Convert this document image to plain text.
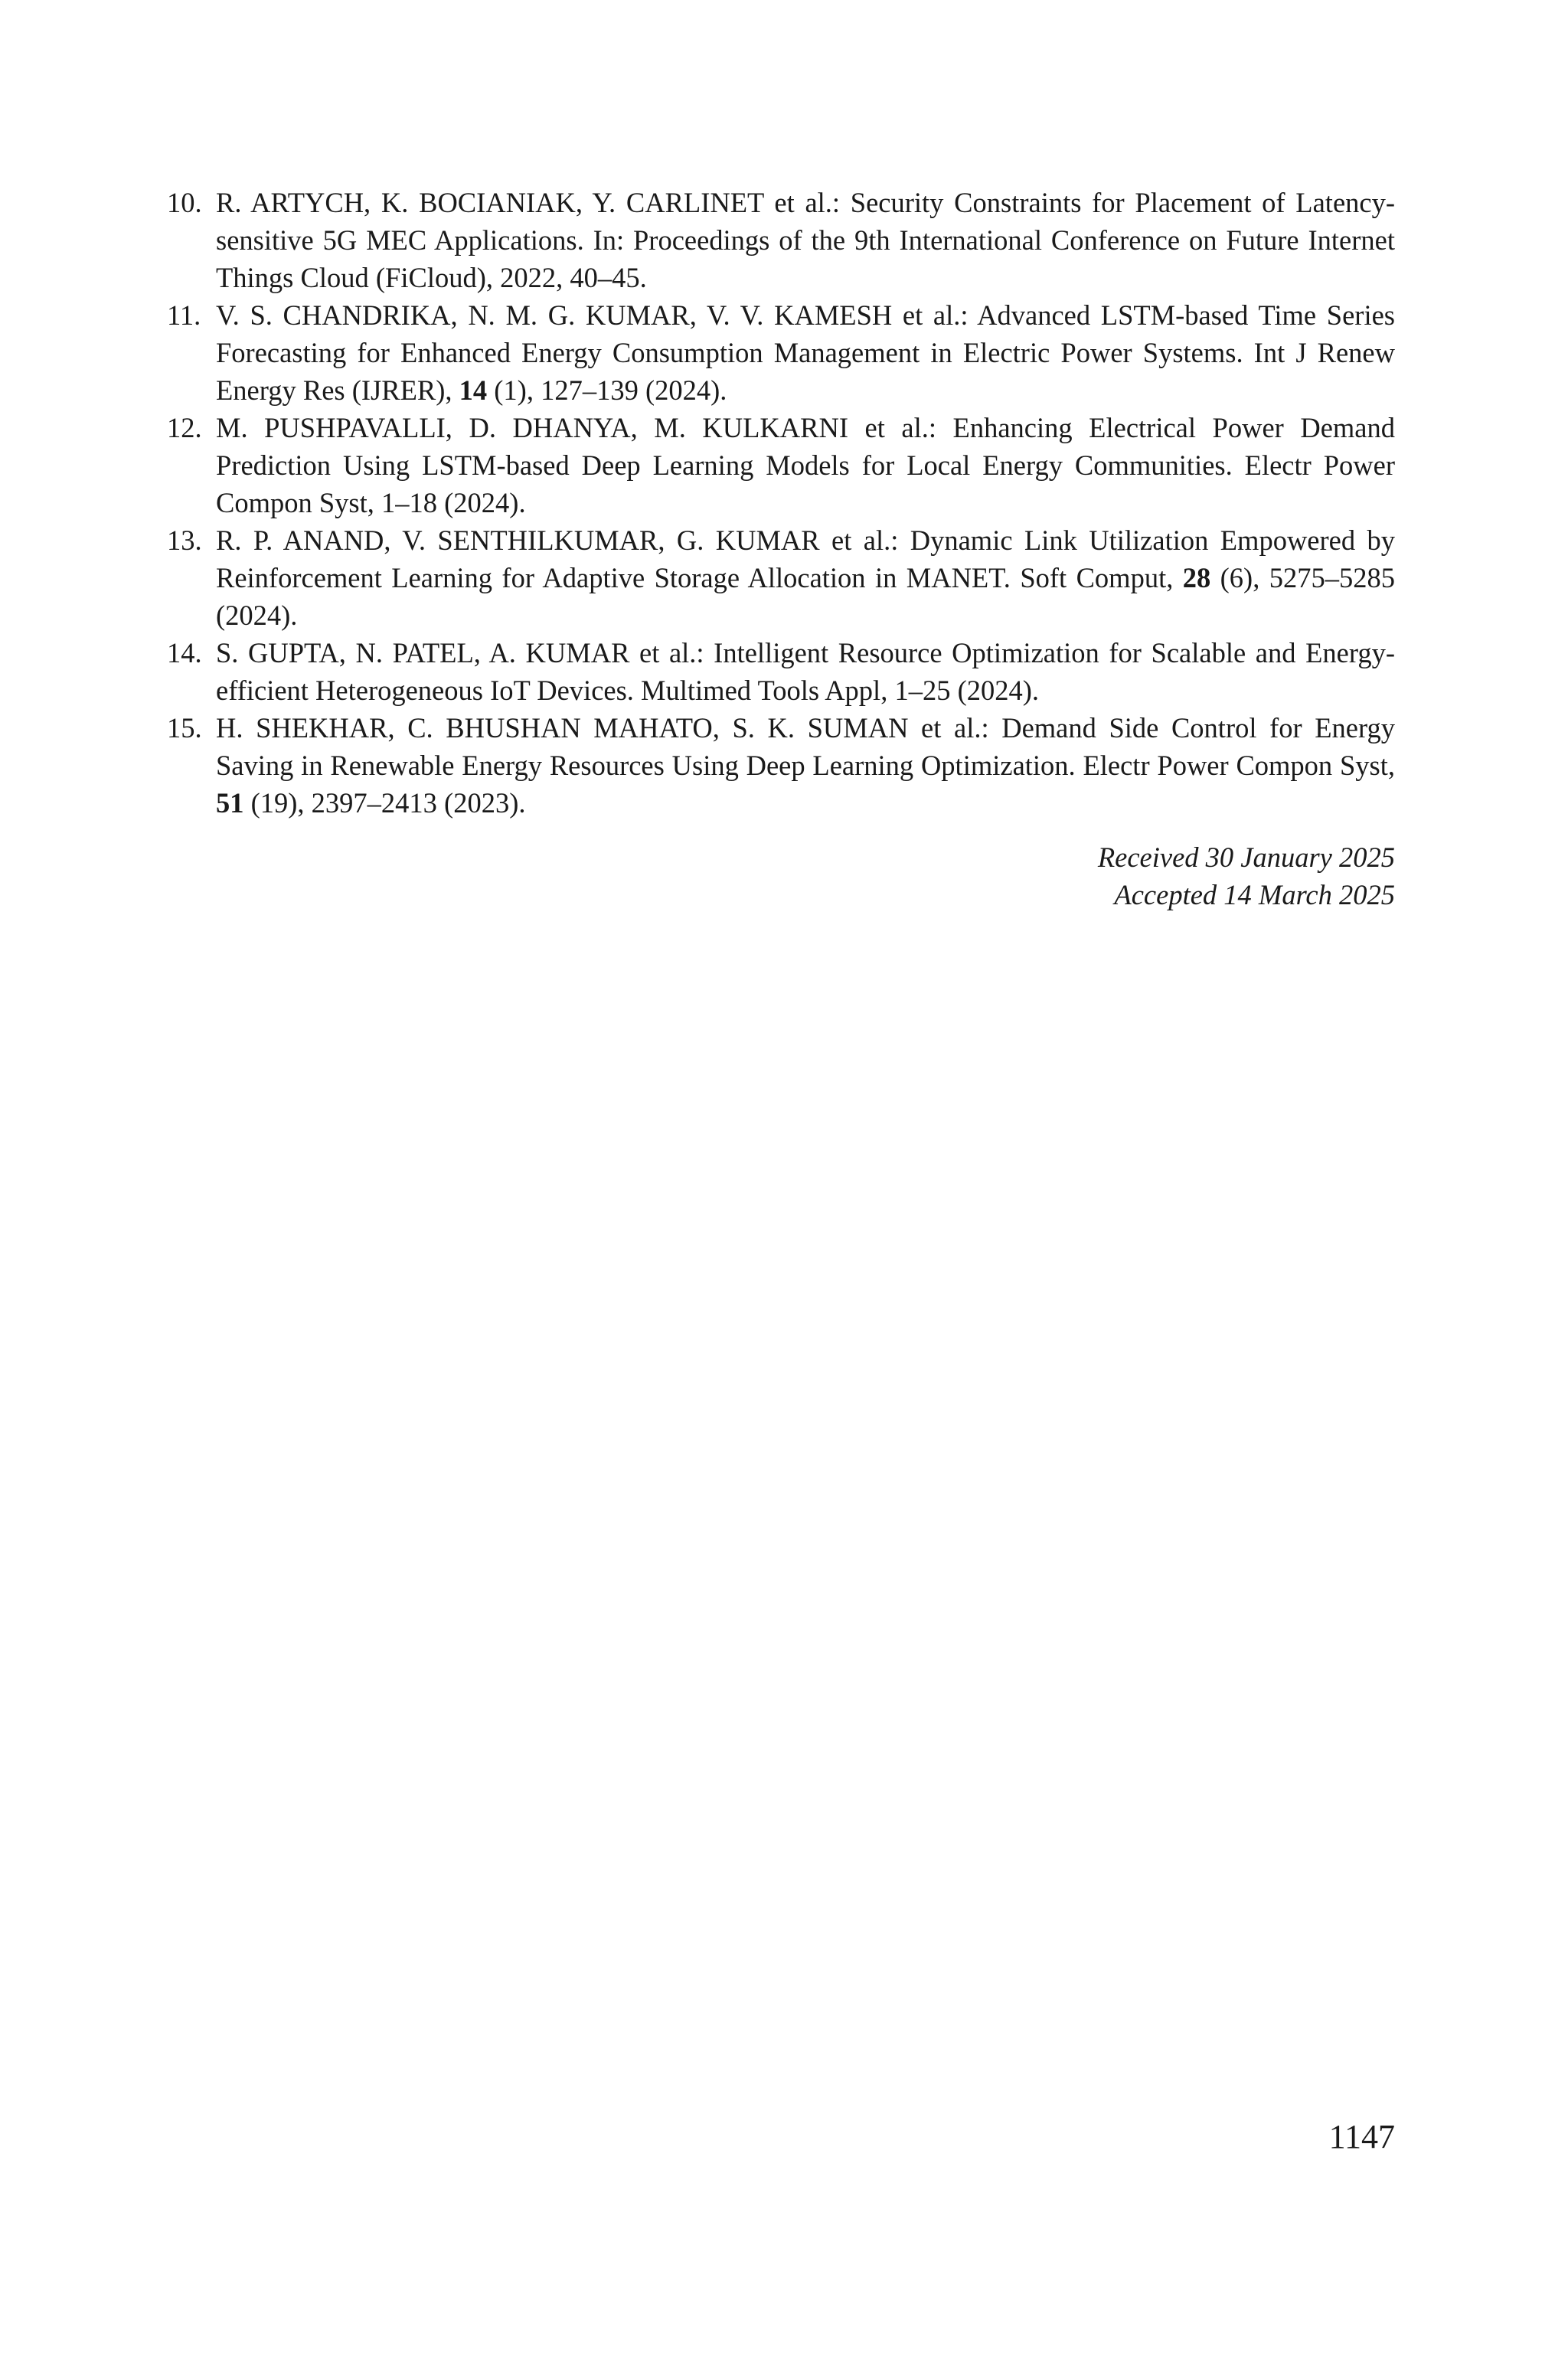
10. R. ARTYCH, K. BOCIANIAK, Y. CARLINET et al.: Security Constraints for Placement of Latency-sensitive 5G MEC Applications. In: Proceedings of the 9th International Conference on Future Internet Things Cloud (FiCloud), 2022, 40–45.
11. V. S. CHANDRIKA, N. M. G. KUMAR, V. V. KAMESH et al.: Advanced LSTM-based Time Series Forecasting for Enhanced Energy Consumption Management in Electric Power Systems. Int J Renew Energy Res (IJRER), 14 (1), 127–139 (2024).
12. M. PUSHPAVALLI, D. DHANYA, M. KULKARNI et al.: Enhancing Electrical Power Demand Prediction Using LSTM-based Deep Learning Models for Local Energy Communities. Electr Power Compon Syst, 1–18 (2024).
13. R. P. ANAND, V. SENTHILKUMAR, G. KUMAR et al.: Dynamic Link Utilization Empowered by Reinforcement Learning for Adaptive Storage Allocation in MANET. Soft Comput, 28 (6), 5275–5285 (2024).
14. S. GUPTA, N. PATEL, A. KUMAR et al.: Intelligent Resource Optimization for Scalable and Energy-efficient Heterogeneous IoT Devices. Multimed Tools Appl, 1–25 (2024).
15. H. SHEKHAR, C. BHUSHAN MAHATO, S. K. SUMAN et al.: Demand Side Control for Energy Saving in Renewable Energy Resources Using Deep Learning Optimization. Electr Power Compon Syst, 51 (19), 2397–2413 (2023).
Received 30 January 2025
Accepted 14 March 2025
1147
